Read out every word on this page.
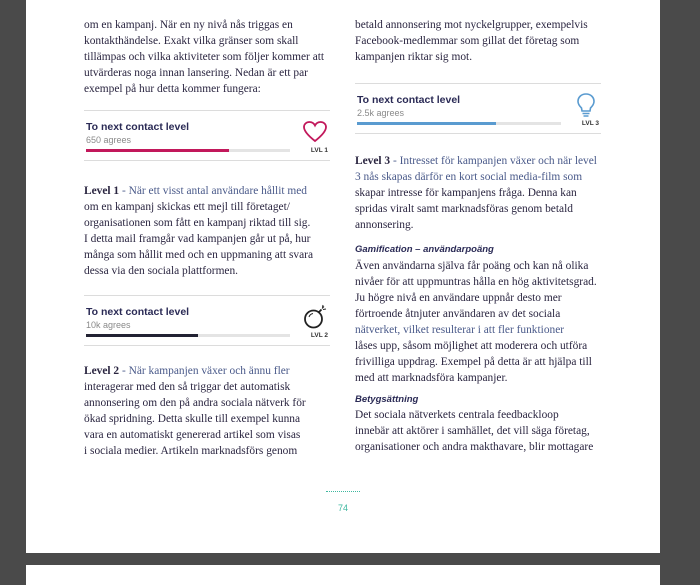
om en kampanj. När en ny nivå nås triggas en
kontakthändelse. Exakt vilka gränser som skall
tillämpas och vilka aktiviteter som följer kommer att
utvärderas noga innan lansering. Nedan är ett par
exempel på hur detta kommer fungera:

To next contact level
650 agrees
LVL 1

Level 1 - När ett visst antal användare hållit med
om en kampanj skickas ett mejl till företaget/
organisationen som fått en kampanj riktad till sig.
I detta mail framgår vad kampanjen går ut på, hur
många som hållit med och en uppmaning att svara
dessa via den sociala plattformen.

To next contact level
10k agrees
LVL 2

Level 2 - När kampanjen växer och ännu fler
interagerar med den så triggar det automatisk
annonsering om den på andra sociala nätverk för
ökad spridning. Detta skulle till exempel kunna
vara en automatiskt genererad artikel som visas
i sociala medier. Artikeln marknadsförs genom

betald annonsering mot nyckelgrupper, exempelvis
Facebook-medlemmar som gillat det företag som
kampanjen riktar sig mot.

To next contact level
2.5k agrees
LVL 3

Level 3 - Intresset för kampanjen växer och när level
3 nås skapas därför en kort social media-film som
skapar intresse för kampanjens fråga. Denna kan
spridas viralt samt marknadsföras genom betald
annonsering.

Gamification – användarpoäng

Även användarna själva får poäng och kan nå olika
nivåer för att uppmuntras hålla en hög aktivitetsgrad.
Ju högre nivå en användare uppnår desto mer
förtroende åtnjuter användaren av det sociala
nätverket, vilket resulterar i att fler funktioner
låses upp, såsom möjlighet att moderera och utföra
frivilliga uppdrag. Exempel på detta är att hjälpa till
med att marknadsföra kampanjer.

Betygsättning

Det sociala nätverkets centrala feedbackloop
innebär att aktörer i samhället, det vill säga företag,
organisationer och andra makthavare, blir mottagare

74
